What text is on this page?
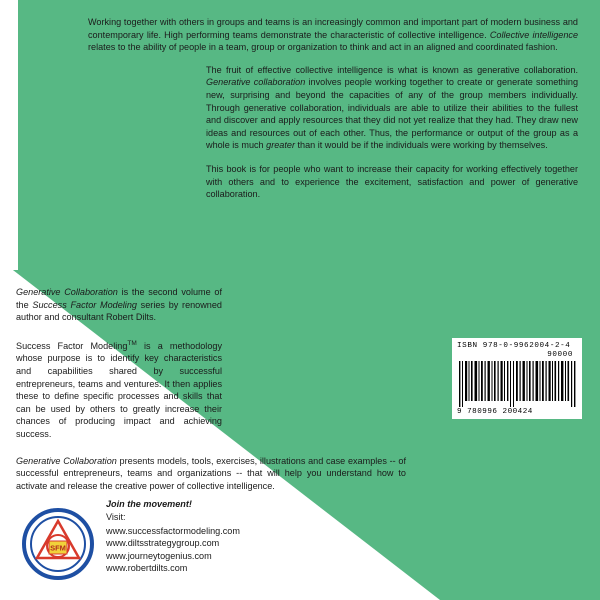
Working together with others in groups and teams is an increasingly common and important part of modern business and contemporary life. High performing teams demonstrate the characteristic of collective intelligence. Collective intelligence relates to the ability of people in a team, group or organization to think and act in an aligned and coordinated fashion.

The fruit of effective collective intelligence is what is known as generative collaboration. Generative collaboration involves people working together to create or generate something new, surprising and beyond the capacities of any of the group members individually. Through generative collaboration, individuals are able to utilize their abilities to the fullest and discover and apply resources that they did not yet realize that they had. They draw new ideas and resources out of each other. Thus, the performance or output of the group as a whole is much greater than it would be if the individuals were working by themselves.

This book is for people who want to increase their capacity for working effectively together with others and to experience the excitement, satisfaction and power of generative collaboration.

Generative Collaboration is the second volume of the Success Factor Modeling series by renowned author and consultant Robert Dilts.

Success Factor Modeling™ is a methodology whose purpose is to identify key characteristics and capabilities shared by successful entrepreneurs, teams and ventures. It then applies these to define specific processes and skills that can be used by others to greatly increase their chances of producing impact and achieving success.

Generative Collaboration presents models, tools, exercises, illustrations and case examples -- of successful entrepreneurs, teams and organizations -- that will help you understand how to activate and release the creative power of collective intelligence.

SFM
Join the movement!
Visit:
www.successfactormodeling.com
www.diltsstrategygroup.com
www.journeytogenius.com
www.robertdilts.com
ISBN 978-0-9962004-2-4
90000
9 780996 200424
